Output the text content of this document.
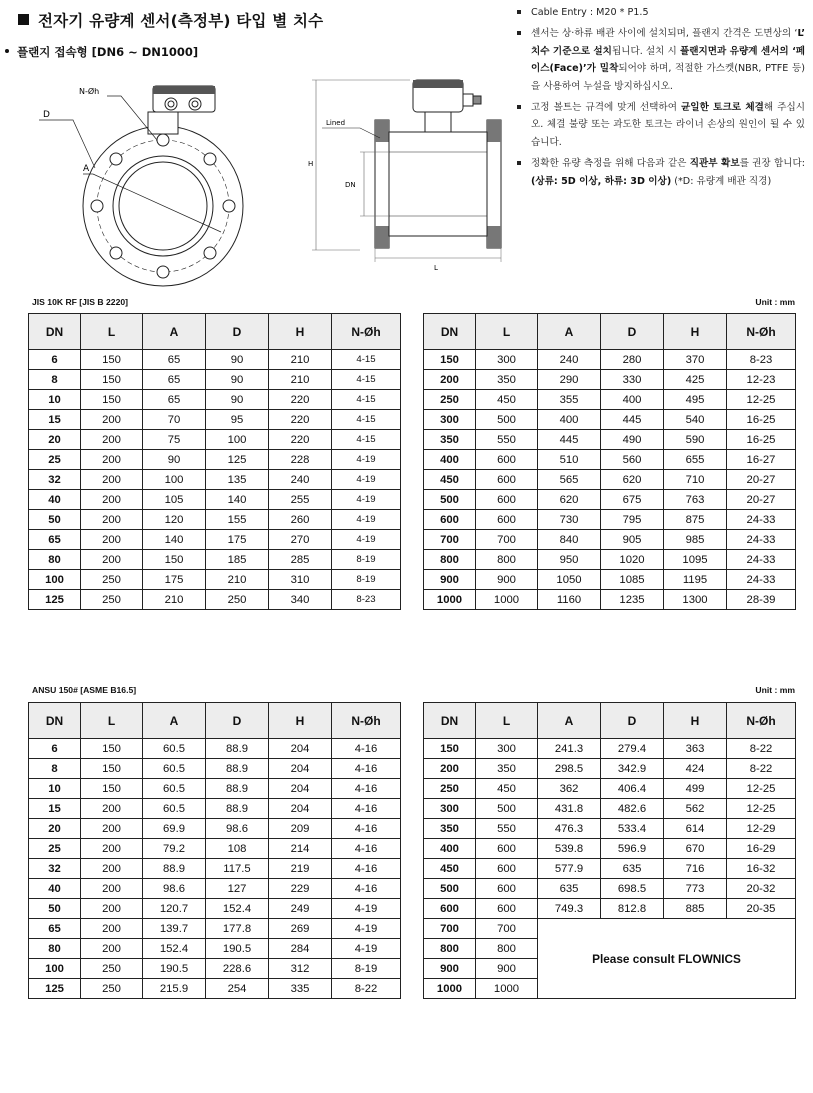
전자기 유량계 센서(측정부) 타입 별 치수
플랜지 접속형 [DN6 ~ DN1000]
Cable Entry : M20 * P1.5
센서는 상·하류 배관 사이에 설치되며, 플랜지 간격은 도면상의 ‘L’ 치수 기준으로 설치됩니다. 설치 시 플랜지면과 유량계 센서의 ‘페이스(Face)’가 밀착되어야 하며, 적절한 가스켓(NBR, PTFE 등)을 사용하여 누설을 방지하십시오.
고정 볼트는 규격에 맞게 선택하여 균일한 토크로 체결해 주십시오. 체결 불량 또는 과도한 토크는 라이너 손상의 원인이 될 수 있습니다.
정확한 유량 측정을 위해 다음과 같은 직관부 확보를 권장 합니다: (상류: 5D 이상, 하류: 3D 이상) (*D: 유량계 배관 직경)
N-Øh
D
A	H
Lined
DN
L
JIS 10K RF [JIS B 2220]	Unit : mm
DN	L	A	D	H	N-Øh
6	150	65	90	210	4-15
8	150	65	90	210	4-15
10	150	65	90	220	4-15
15	200	70	95	220	4-15
20	200	75	100	220	4-15
25	200	90	125	228	4-19
32	200	100	135	240	4-19
40	200	105	140	255	4-19
50	200	120	155	260	4-19
65	200	140	175	270	4-19
80	200	150	185	285	8-19
100	250	175	210	310	8-19
125	250	210	250	340	8-23
DN	L	A	D	H	N-Øh
150	300	240	280	370	8-23
200	350	290	330	425	12-23
250	450	355	400	495	12-25
300	500	400	445	540	16-25
350	550	445	490	590	16-25
400	600	510	560	655	16-27
450	600	565	620	710	20-27
500	600	620	675	763	20-27
600	600	730	795	875	24-33
700	700	840	905	985	24-33
800	800	950	1020	1095	24-33
900	900	1050	1085	1195	24-33
1000	1000	1160	1235	1300	28-39
ANSU 150# [ASME B16.5]	Unit : mm
DN	L	A	D	H	N-Øh
6	150	60.5	88.9	204	4-16
8	150	60.5	88.9	204	4-16
10	150	60.5	88.9	204	4-16
15	200	60.5	88.9	204	4-16
20	200	69.9	98.6	209	4-16
25	200	79.2	108	214	4-16
32	200	88.9	117.5	219	4-16
40	200	98.6	127	229	4-16
50	200	120.7	152.4	249	4-19
65	200	139.7	177.8	269	4-19
80	200	152.4	190.5	284	4-19
100	250	190.5	228.6	312	8-19
125	250	215.9	254	335	8-22
DN	L	A	D	H	N-Øh
150	300	241.3	279.4	363	8-22
200	350	298.5	342.9	424	8-22
250	450	362	406.4	499	12-25
300	500	431.8	482.6	562	12-25
350	550	476.3	533.4	614	12-29
400	600	539.8	596.9	670	16-29
450	600	577.9	635	716	16-32
500	600	635	698.5	773	20-32
600	600	749.3	812.8	885	20-35
700	700	Please consult FLOWNICS			
800	800				
900	900				
1000	1000				
